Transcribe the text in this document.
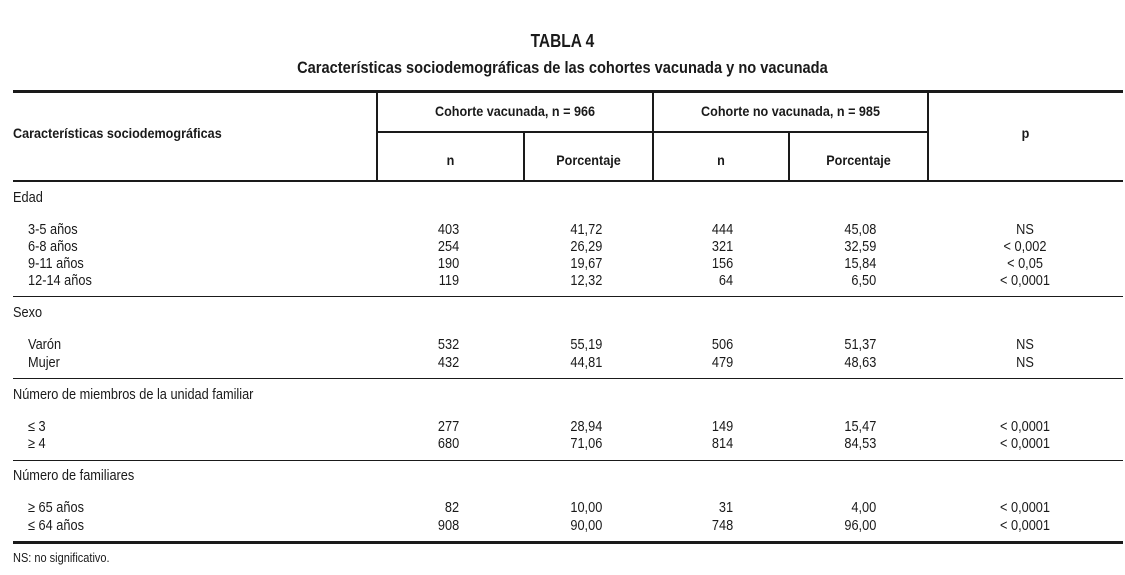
TABLA 4
Características sociodemográficas de las cohortes vacunada y no vacunada
Características sociodemográficas
Cohorte vacunada, n = 966	Cohorte no vacunada, n = 985
n	Porcentaje	n	Porcentaje
p
Edad
3-5 años	403	41,72	444	45,08	NS
6-8 años	254	26,29	321	32,59	< 0,002
9-11 años	190	19,67	156	15,84	< 0,05
12-14 años	119	12,32	64	6,50	< 0,0001
Sexo
Varón	532	55,19	506	51,37	NS
Mujer	432	44,81	479	48,63	NS
Número de miembros de la unidad familiar
≤ 3	277	28,94	149	15,47	< 0,0001
≥ 4	680	71,06	814	84,53	< 0,0001
Número de familiares
≥ 65 años	82	10,00	31	4,00	< 0,0001
≤ 64 años	908	90,00	748	96,00	< 0,0001
NS: no significativo.
